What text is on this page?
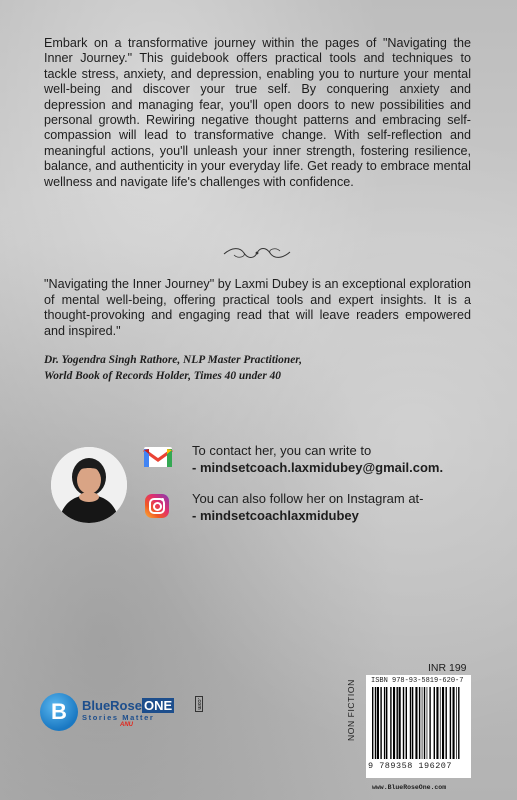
Embark on a transformative journey within the pages of "Navigating the Inner Journey." This guidebook offers practical tools and techniques to tackle stress, anxiety, and depression, enabling you to nurture your mental well-being and discover your true self. By conquering anxiety and depression and managing fear, you'll open doors to new possibilities and personal growth. Rewiring negative thought patterns and embracing self-compassion will lead to transformative change. With self-reflection and meaningful actions, you'll unleash your inner strength, fostering resilience, balance, and authenticity in your everyday life. Get ready to embrace mental wellness and navigate life's challenges with confidence.
"Navigating the Inner Journey" by Laxmi Dubey is an exceptional exploration of mental well-being, offering practical tools and expert insights. It is a thought-provoking and engaging read that will leave readers empowered and inspired."
Dr. Yogendra Singh Rathore, NLP Master Practitioner,
World Book of Records Holder, Times 40 under 40
To contact her, you can write to
- mindsetcoach.laxmidubey@gmail.com.
You can also follow her on Instagram at-
- mindsetcoachlaxmidubey
B	BlueRose ONE	.com
Stories Matter
ANU	NON FICTION
INR 199
ISBN 978-93-5819-620-7
9 789358 196207
www.BlueRoseOne.com
